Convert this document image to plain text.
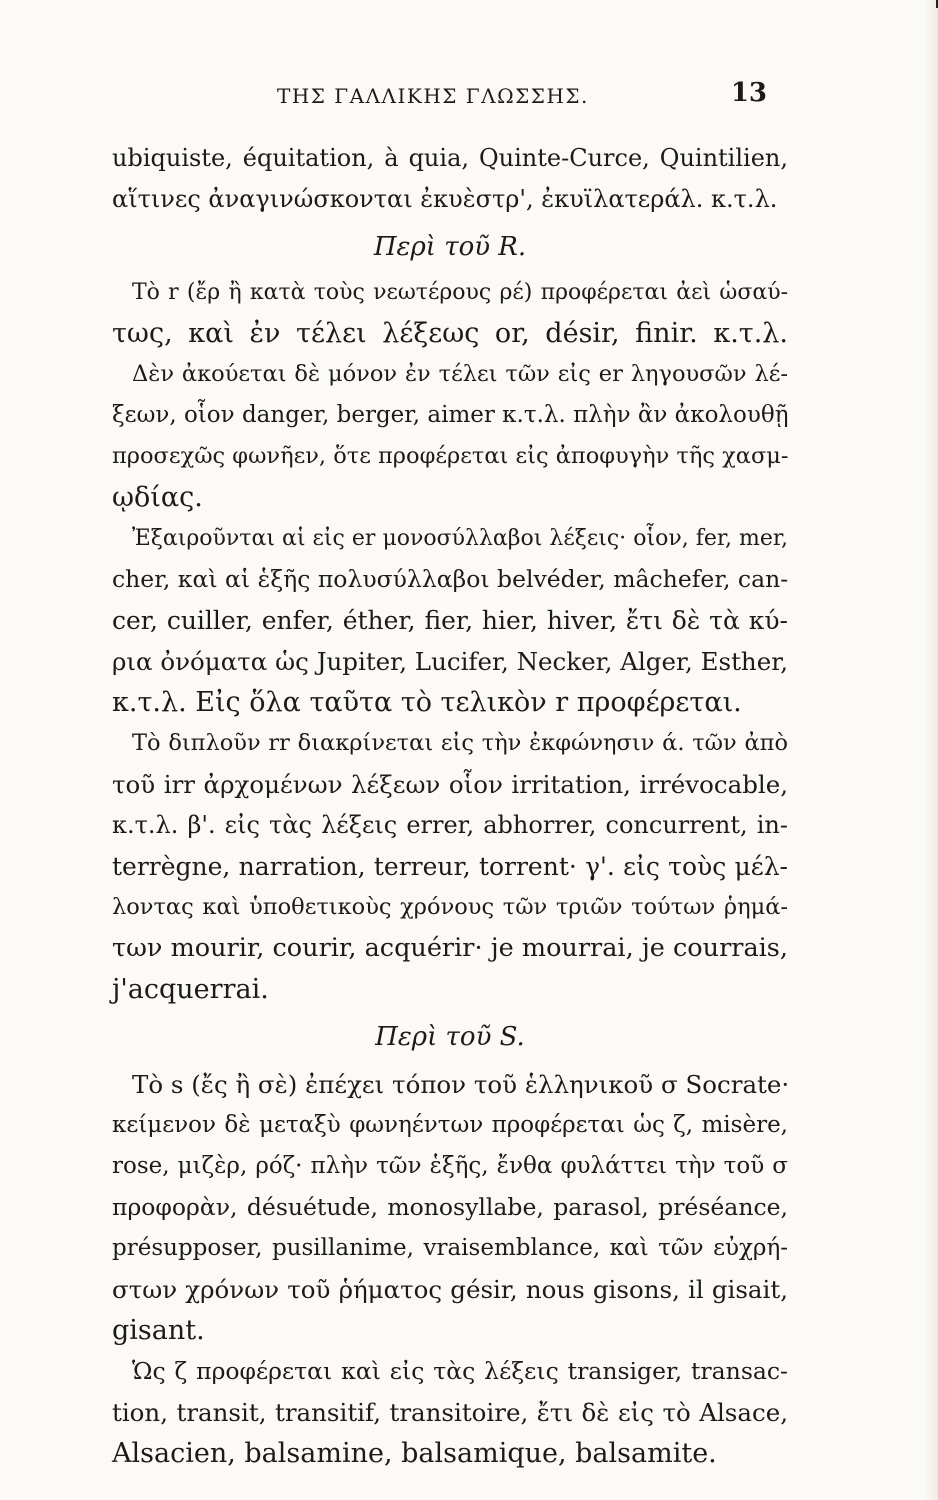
ΤΗΣ ΓΑΛΛΙΚΗΣ ΓΛΩΣΣΗΣ.	13
ubiquiste, équitation, à quia, Quinte-Curce, Quintilien,
αἵτινες ἀναγινώσκονται ἐκυὲστρ', ἐκυϊλατεράλ. κ.τ.λ.
Περὶ τοῦ R.
Τὸ r (ἔρ ἢ κατὰ τοὺς νεωτέρους ρέ) προφέρεται ἀεὶ ὡσαύ-
τως, καὶ ἐν τέλει λέξεως or, désir, finir. κ.τ.λ.
Δὲν ἀκούεται δὲ μόνον ἐν τέλει τῶν εἰς er ληγουσῶν λέ-
ξεων, οἷον danger, berger, aimer κ.τ.λ. πλὴν ἂν ἀκολουθῇ
προσεχῶς φωνῆεν, ὅτε προφέρεται εἰς ἀποφυγὴν τῆς χασμ-
ῳδίας.
Ἐξαιροῦνται αἱ εἰς er μονοσύλλαβοι λέξεις· οἷον, fer, mer,
cher, καὶ αἱ ἑξῆς πολυσύλλαβοι belvéder, mâchefer, can-
cer, cuiller, enfer, éther, fier, hier, hiver, ἔτι δὲ τὰ κύ-
ρια ὀνόματα ὡς Jupiter, Lucifer, Necker, Alger, Esther,
κ.τ.λ. Εἰς ὅλα ταῦτα τὸ τελικὸν r προφέρεται.
Τὸ διπλοῦν rr διακρίνεται εἰς τὴν ἐκφώνησιν ά. τῶν ἀπὸ
τοῦ irr ἀρχομένων λέξεων οἷον irritation, irrévocable,
κ.τ.λ. β'. εἰς τὰς λέξεις errer, abhorrer, concurrent, in-
terrègne, narration, terreur, torrent· γ'. εἰς τοὺς μέλ-
λοντας καὶ ὑποθετικοὺς χρόνους τῶν τριῶν τούτων ῥημά-
των mourir, courir, acquérir· je mourrai, je courrais,
j'acquerrai.
Περὶ τοῦ S.
Τὸ s (ἔς ἢ σὲ) ἐπέχει τόπον τοῦ ἑλληνικοῦ σ Socrate·
κείμενον δὲ μεταξὺ φωνηέντων προφέρεται ὡς ζ, misère,
rose, μιζὲρ, ρόζ· πλὴν τῶν ἑξῆς, ἔνθα φυλάττει τὴν τοῦ σ
προφορὰν, désuétude, monosyllabe, parasol, préséance,
présupposer, pusillanime, vraisemblance, καὶ τῶν εὐχρή-
στων χρόνων τοῦ ῥήματος gésir, nous gisons, il gisait,
gisant.
Ὡς ζ προφέρεται καὶ εἰς τὰς λέξεις transiger, transac-
tion, transit, transitif, transitoire, ἔτι δὲ εἰς τὸ Alsace,
Alsacien, balsamine, balsamique, balsamite.
